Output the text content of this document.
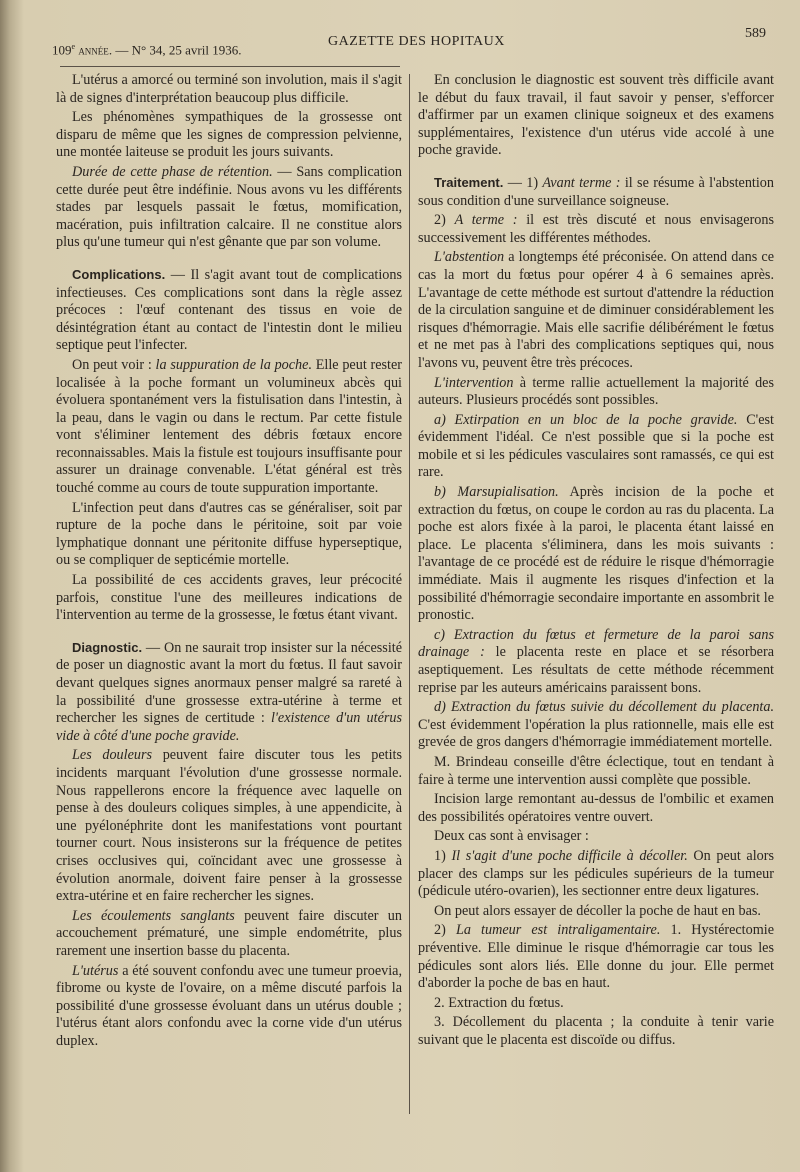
109e année. — N° 34, 25 avril 1936.
GAZETTE DES HOPITAUX
589

L'utérus a amorcé ou terminé son involution, mais il s'agit là de signes d'interprétation beaucoup plus difficile.

Les phénomènes sympathiques de la grossesse ont disparu de même que les signes de compression pelvienne, une montée laiteuse se produit les jours suivants.

Durée de cette phase de rétention. — Sans complication cette durée peut être indéfinie. Nous avons vu les différents stades par lesquels passait le fœtus, momification, macération, puis infiltration calcaire. Il ne constitue alors plus qu'une tumeur qui n'est gênante que par son volume.

Complications. — Il s'agit avant tout de complications infectieuses. Ces complications sont dans la règle assez précoces : l'œuf contenant des tissus en voie de désintégration étant au contact de l'intestin dont le milieu septique peut l'infecter.

On peut voir : la suppuration de la poche. Elle peut rester localisée à la poche formant un volumineux abcès qui évoluera spontanément vers la fistulisation dans l'intestin, à la peau, dans le vagin ou dans le rectum. Par cette fistule vont s'éliminer lentement des débris fœtaux encore reconnaissables. Mais la fistule est toujours insuffisante pour assurer un drainage convenable. L'état général est très touché comme au cours de toute suppuration importante.

L'infection peut dans d'autres cas se généraliser, soit par rupture de la poche dans le péritoine, soit par voie lymphatique donnant une péritonite diffuse hyperseptique, ou se compliquer de septicémie mortelle.

La possibilité de ces accidents graves, leur précocité parfois, constitue l'une des meilleures indications de l'intervention au terme de la grossesse, le fœtus étant vivant.

Diagnostic. — On ne saurait trop insister sur la nécessité de poser un diagnostic avant la mort du fœtus. Il faut savoir devant quelques signes anormaux penser malgré sa rareté à la possibilité d'une grossesse extra-utérine à terme et rechercher les signes de certitude : l'existence d'un utérus vide à côté d'une poche gravide.

Les douleurs peuvent faire discuter tous les petits incidents marquant l'évolution d'une grossesse normale. Nous rappellerons encore la fréquence avec laquelle on pense à des douleurs coliques simples, à une appendicite, à une pyélonéphrite dont les manifestations vont pourtant tourner court. Nous insisterons sur la fréquence de petites crises occlusives qui, coïncidant avec une grossesse à évolution anormale, doivent faire penser à la grossesse extra-utérine et en faire rechercher les signes.

Les écoulements sanglants peuvent faire discuter un accouchement prématuré, une simple endométrite, plus rarement une insertion basse du placenta.

L'utérus a été souvent confondu avec une tumeur proevia, fibrome ou kyste de l'ovaire, on a même discuté parfois la possibilité d'une grossesse évoluant dans un utérus double ; l'utérus étant alors confondu avec la corne vide d'un utérus duplex.

En conclusion le diagnostic est souvent très difficile avant le début du faux travail, il faut savoir y penser, s'efforcer d'affirmer par un examen clinique soigneux et des examens supplémentaires, l'existence d'un utérus vide accolé à une poche gravide.

Traitement. — 1) Avant terme : il se résume à l'abstention sous condition d'une surveillance soigneuse.

2) A terme : il est très discuté et nous envisagerons successivement les différentes méthodes.

L'abstention a longtemps été préconisée. On attend dans ce cas la mort du fœtus pour opérer 4 à 6 semaines après. L'avantage de cette méthode est surtout d'attendre la réduction de la circulation sanguine et de diminuer considérablement les risques d'hémorragie. Mais elle sacrifie délibérément le fœtus et ne met pas à l'abri des complications septiques qui, nous l'avons vu, peuvent être très précoces.

L'intervention à terme rallie actuellement la majorité des auteurs. Plusieurs procédés sont possibles.

a) Extirpation en un bloc de la poche gravide. C'est évidemment l'idéal. Ce n'est possible que si la poche est mobile et si les pédicules vasculaires sont ramassés, ce qui est rare.

b) Marsupialisation. Après incision de la poche et extraction du fœtus, on coupe le cordon au ras du placenta. La poche est alors fixée à la paroi, le placenta étant laissé en place. Le placenta s'éliminera, dans les mois suivants : l'avantage de ce procédé est de réduire le risque d'hémorragie immédiate. Mais il augmente les risques d'infection et la possibilité d'hémorragie secondaire importante en assombrit le pronostic.

c) Extraction du fœtus et fermeture de la paroi sans drainage : le placenta reste en place et se résorbera aseptiquement. Les résultats de cette méthode récemment reprise par les auteurs américains paraissent bons.

d) Extraction du fœtus suivie du décollement du placenta. C'est évidemment l'opération la plus rationnelle, mais elle est grevée de gros dangers d'hémorragie immédiatement mortelle.

M. Brindeau conseille d'être éclectique, tout en tendant à faire à terme une intervention aussi complète que possible.

Incision large remontant au-dessus de l'ombilic et examen des possibilités opératoires ventre ouvert.

Deux cas sont à envisager :

1) Il s'agit d'une poche difficile à décoller. On peut alors placer des clamps sur les pédicules supérieurs de la tumeur (pédicule utéro-ovarien), les sectionner entre deux ligatures.

On peut alors essayer de décoller la poche de haut en bas.

2) La tumeur est intraligamentaire. 1. Hystérectomie préventive. Elle diminue le risque d'hémorragie car tous les pédicules sont alors liés. Elle donne du jour. Elle permet d'aborder la poche de bas en haut.

2. Extraction du fœtus.

3. Décollement du placenta ; la conduite à tenir varie suivant que le placenta est discoïde ou diffus.
